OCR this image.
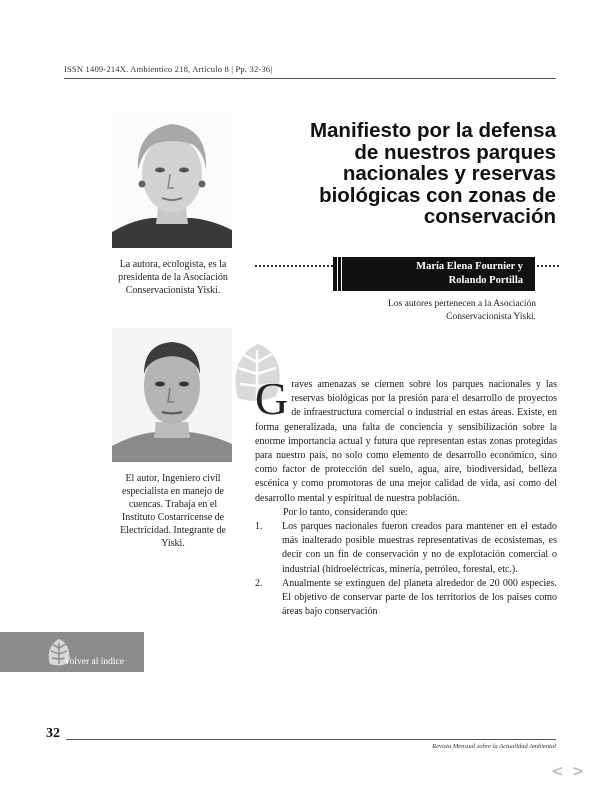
ISSN 1409-214X. Ambientico 218, Artículo 8 | Pp. 32-36|
La autora, ecologista, es la presidenta de la Asociación Conservacionista Yiski.
Manifiesto por la defensa de nuestros parques nacionales y reservas biológicas con zonas de conservación
María Elena Fournier y
Rolando Portilla
Los autores pertenecen a la Asociación Conservacionista Yiski.
El autor, Ingeniero civil especialista en manejo de cuencas. Trabaja en el Instituto Costarricense de Electricidad. Integrante de Yiski.

Graves amenazas se ciernen sobre los parques nacionales y las reservas biológicas por la presión para el desarrollo de proyectos de infraestructura comercial o industrial en estas áreas. Existe, en forma generalizada, una falta de conciencia y sensibilización sobre la enorme importancia actual y futura que representan estas zonas protegidas para nuestro país, no solo como elemento de desarrollo económico, sino como factor de protección del suelo, agua, aire, biodiversidad, belleza escénica y como promotoras de una mejor calidad de vida, así como del desarrollo mental y espiritual de nuestra población.

Por lo tanto, considerando que:

1.	Los parques nacionales fueron creados para mantener en el estado más inalterado posible muestras representativas de ecosistemas, es decir con un fin de conservación y no de explotación comercial o industrial (hidroeléctricas, minería, petróleo, forestal, etc.).
2.	Anualmente se extinguen del planeta alrededor de 20 000 especies. El objetivo de conservar parte de los territorios de los países como áreas bajo conservación
Volver al índice
32
Revista Mensual sobre la Actualidad Ambiental
< >
